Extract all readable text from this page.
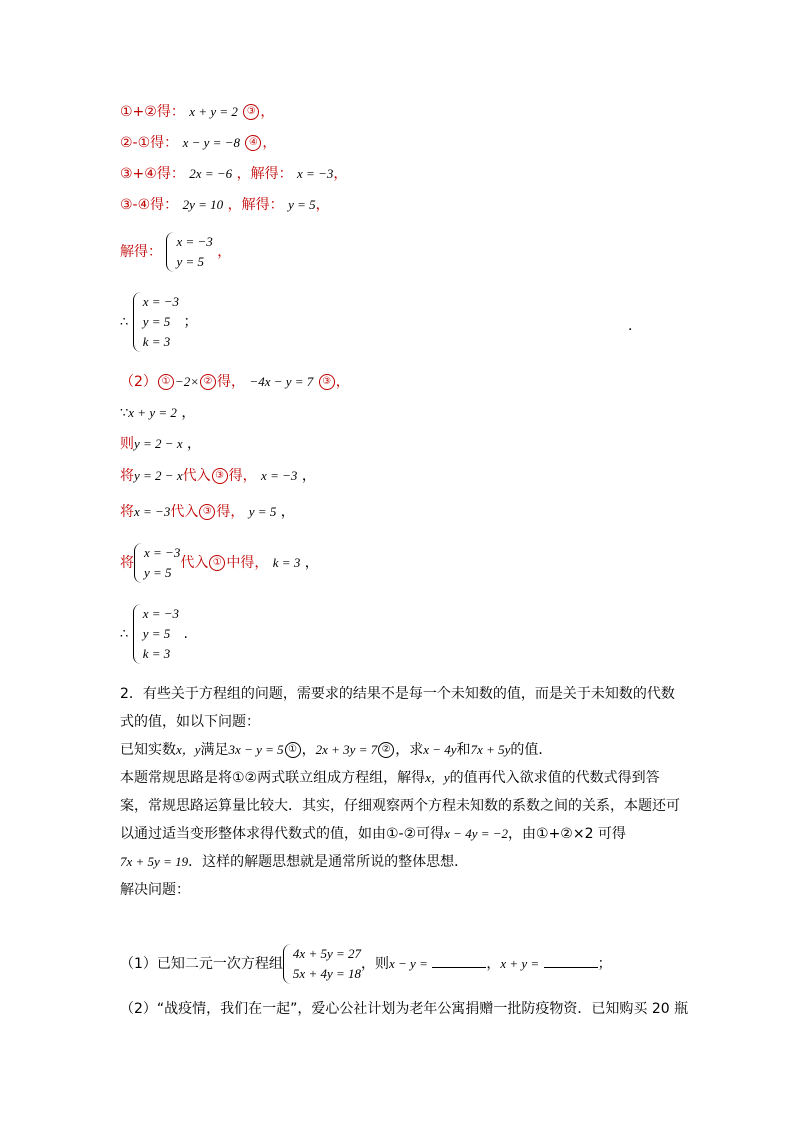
①+②得： x + y = 2 ③ ，
②-①得： x − y = −8 ④ ，
③+④得： 2x = −6 ，解得： x = −3，
③-④得： 2y = 10 ，解得： y = 5，
解得：
x = −3
y = 5
，
∴
x = −3
y = 5
k = 3
；	.
（2） ① −2× ② 得， −4x − y = 7 ③ ，
∵x + y = 2 ，
则y = 2 − x ，
将y = 2 − x代入 ③ 得， x = −3 ，
将x = −3代入 ③ 得， y = 5 ，
将
x = −3
y = 5
代入 ① 中得， k = 3 ，
∴
x = −3
y = 5
k = 3
.
2．有些关于方程组的问题，需要求的结果不是每一个未知数的值，而是关于未知数的代数
式的值，如以下问题：
已知实数x，y满足3x − y = 5 ① ，2x + 3y = 7 ② ，求x − 4y和7x + 5y的值．
本题常规思路是将①②两式联立组成方程组，解得x，y的值再代入欲求值的代数式得到答
案，常规思路运算量比较大．其实，仔细观察两个方程未知数的系数之间的关系，本题还可
以通过适当变形整体求得代数式的值，如由①-②可得x − 4y = −2，由①+②×2 可得
7x + 5y = 19．这样的解题思想就是通常所说的整体思想．
解决问题：
（1）已知二元一次方程组
4x + 5y = 27
5x + 4y = 18
，则x − y =	，x + y =	；
（2）“战疫情，我们在一起”，爱心公社计划为老年公寓捐赠一批防疫物资．已知购买 20 瓶
